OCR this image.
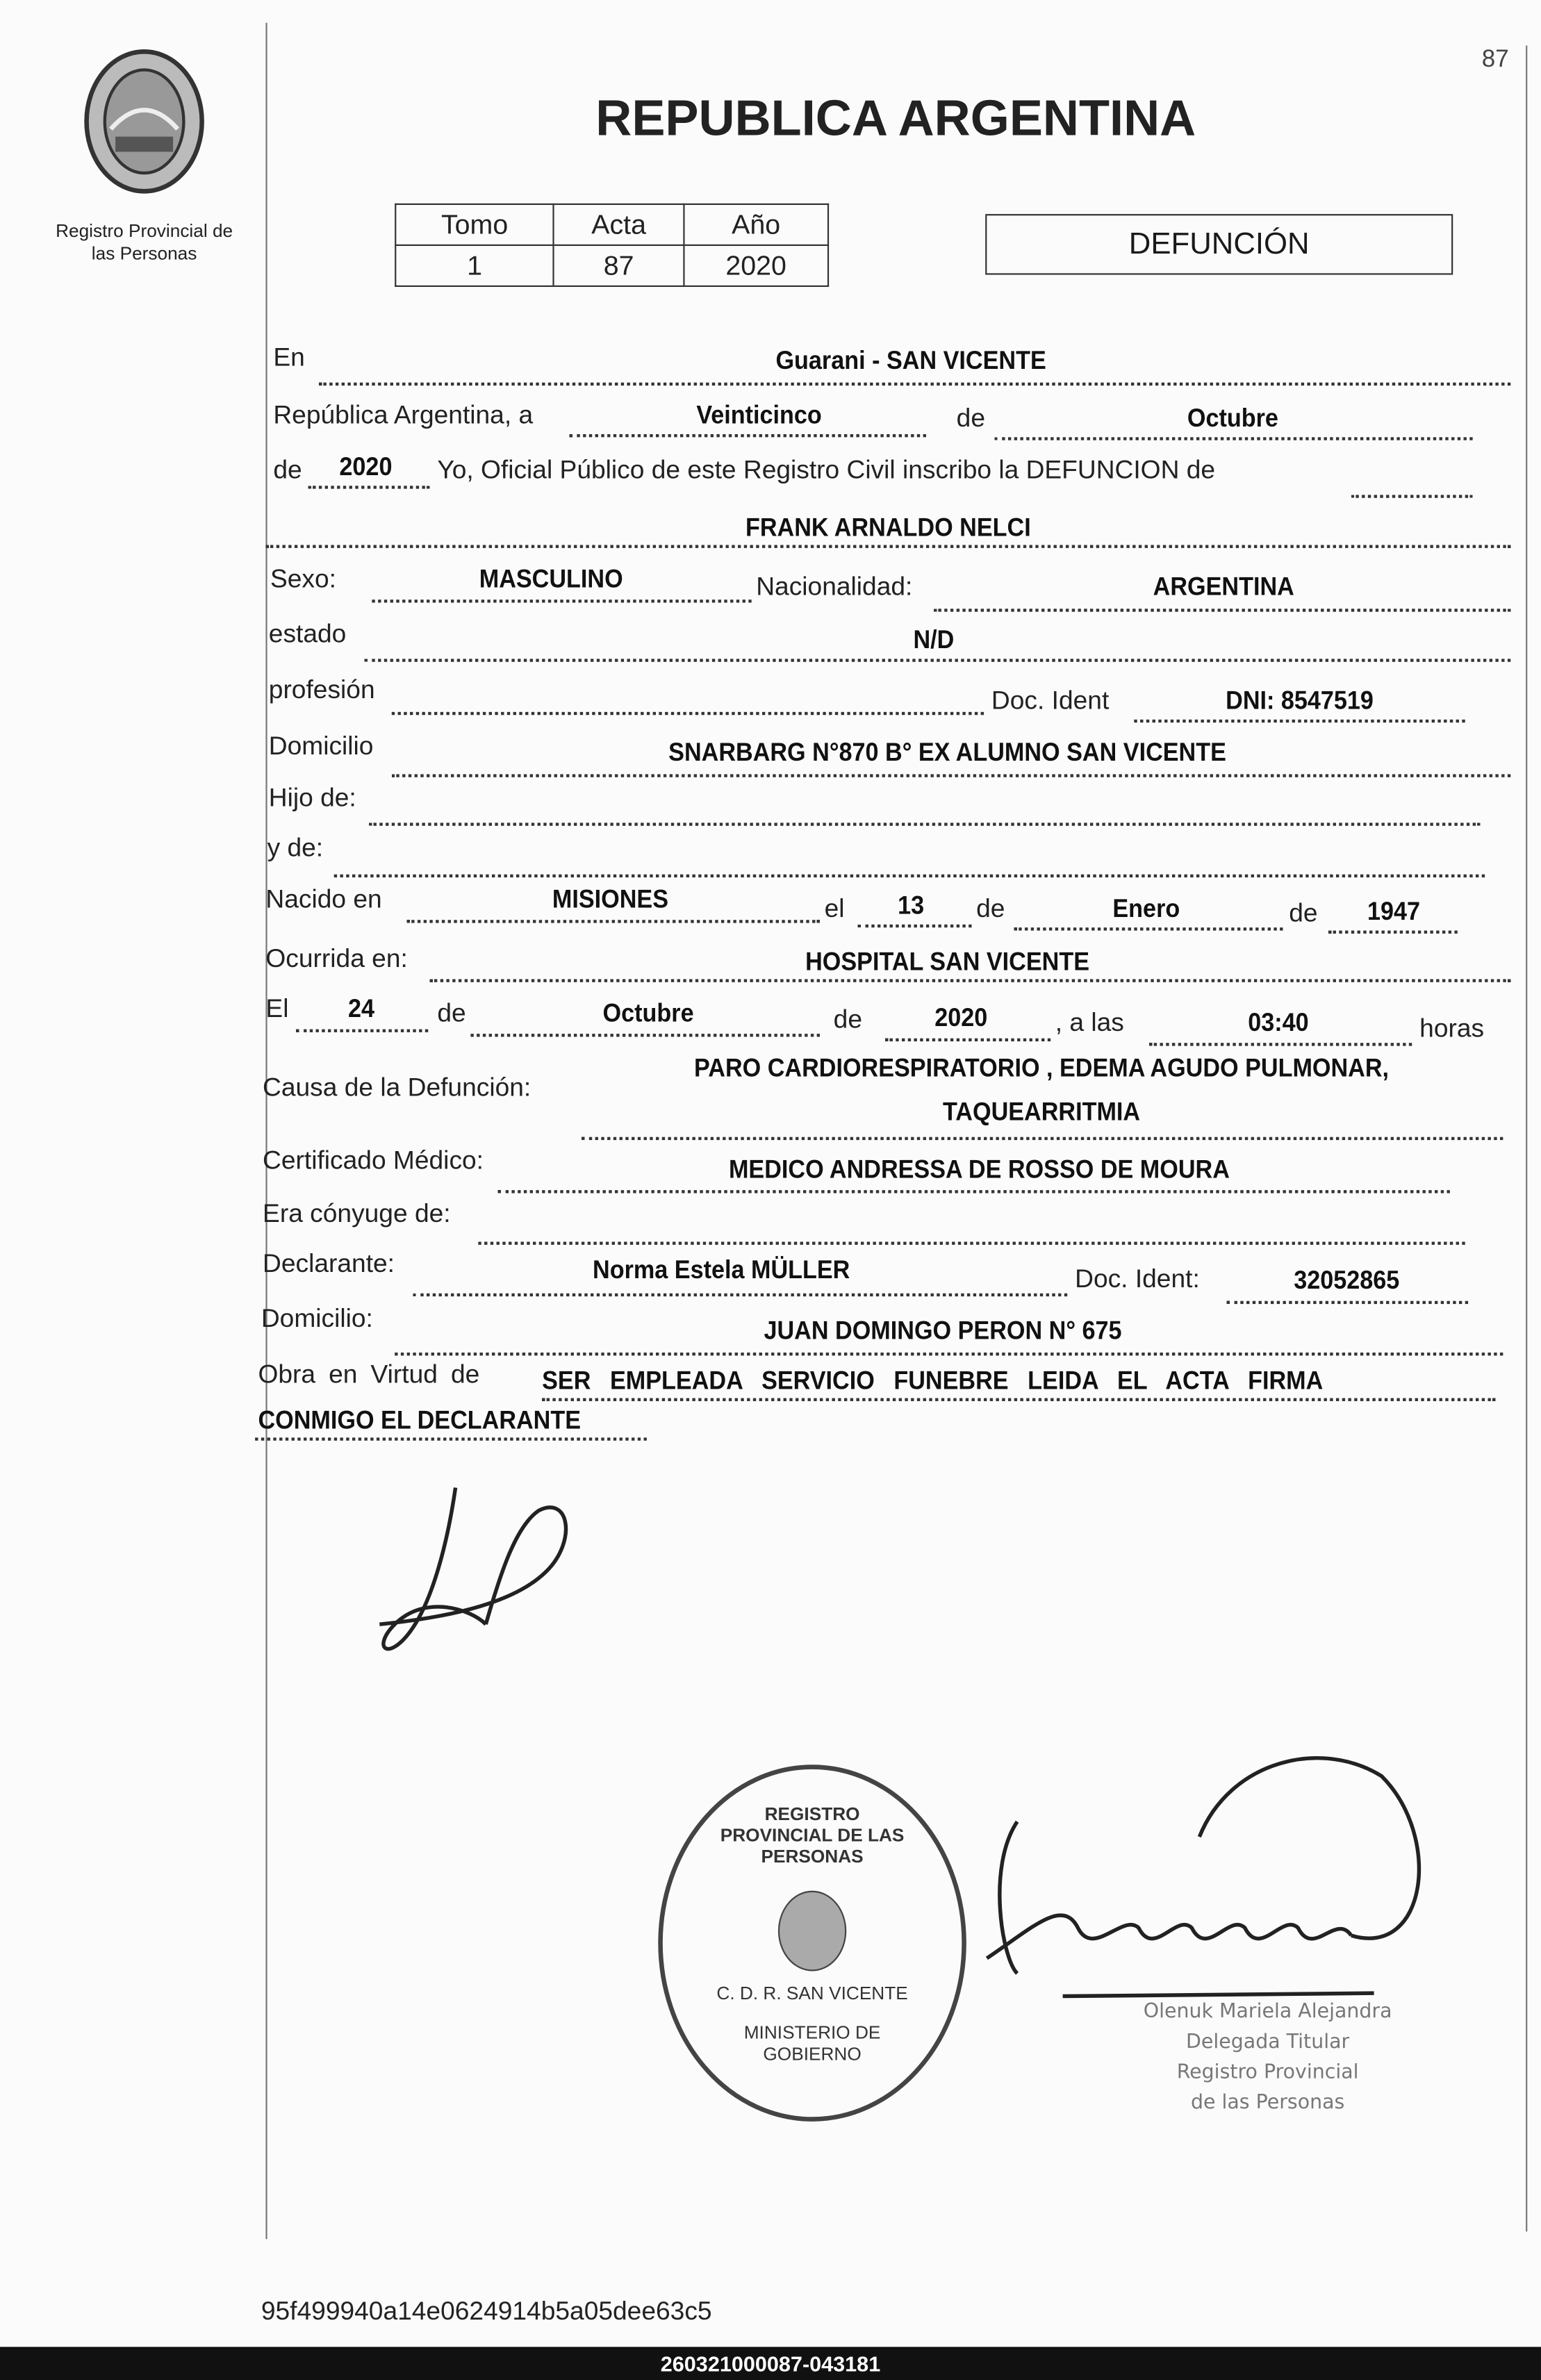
87
Registro Provincial de
las Personas
REPUBLICA ARGENTINA
Tomo	Acta	Año
1	87	2020
DEFUNCIÓN
En	Guarani - SAN VICENTE
República Argentina, a	Veinticinco	de	Octubre
de	2020	Yo, Oficial Público de este Registro Civil inscribo la DEFUNCION de
FRANK ARNALDO NELCI
Sexo:	MASCULINO	Nacionalidad:	ARGENTINA
estado	N/D
profesión	Doc. Ident	DNI: 8547519
Domicilio	SNARBARG N°870 B° EX ALUMNO SAN VICENTE
Hijo de:
y de:
Nacido en	MISIONES	el	13	de	Enero	de	1947
Ocurrida en:	HOSPITAL SAN VICENTE
El	24	de	Octubre	de	2020	, a las	03:40	horas
Causa de la Defunción:
PARO CARDIORESPIRATORIO , EDEMA AGUDO PULMONAR,
TAQUEARRITMIA
Certificado Médico:	MEDICO ANDRESSA DE ROSSO DE MOURA
Era cónyuge de:
Declarante:	Norma Estela MÜLLER	Doc. Ident:	32052865
Domicilio:	JUAN DOMINGO PERON N° 675
Obra en Virtud de	SER EMPLEADA SERVICIO FUNEBRE LEIDA EL ACTA FIRMA
CONMIGO EL DECLARANTE
REGISTRO PROVINCIAL DE LAS PERSONAS
C. D. R. SAN VICENTE
MINISTERIO DE GOBIERNO
Olenuk Mariela Alejandra
Delegada Titular
Registro Provincial
de las Personas
95f499940a14e0624914b5a05dee63c5
260321000087-043181
